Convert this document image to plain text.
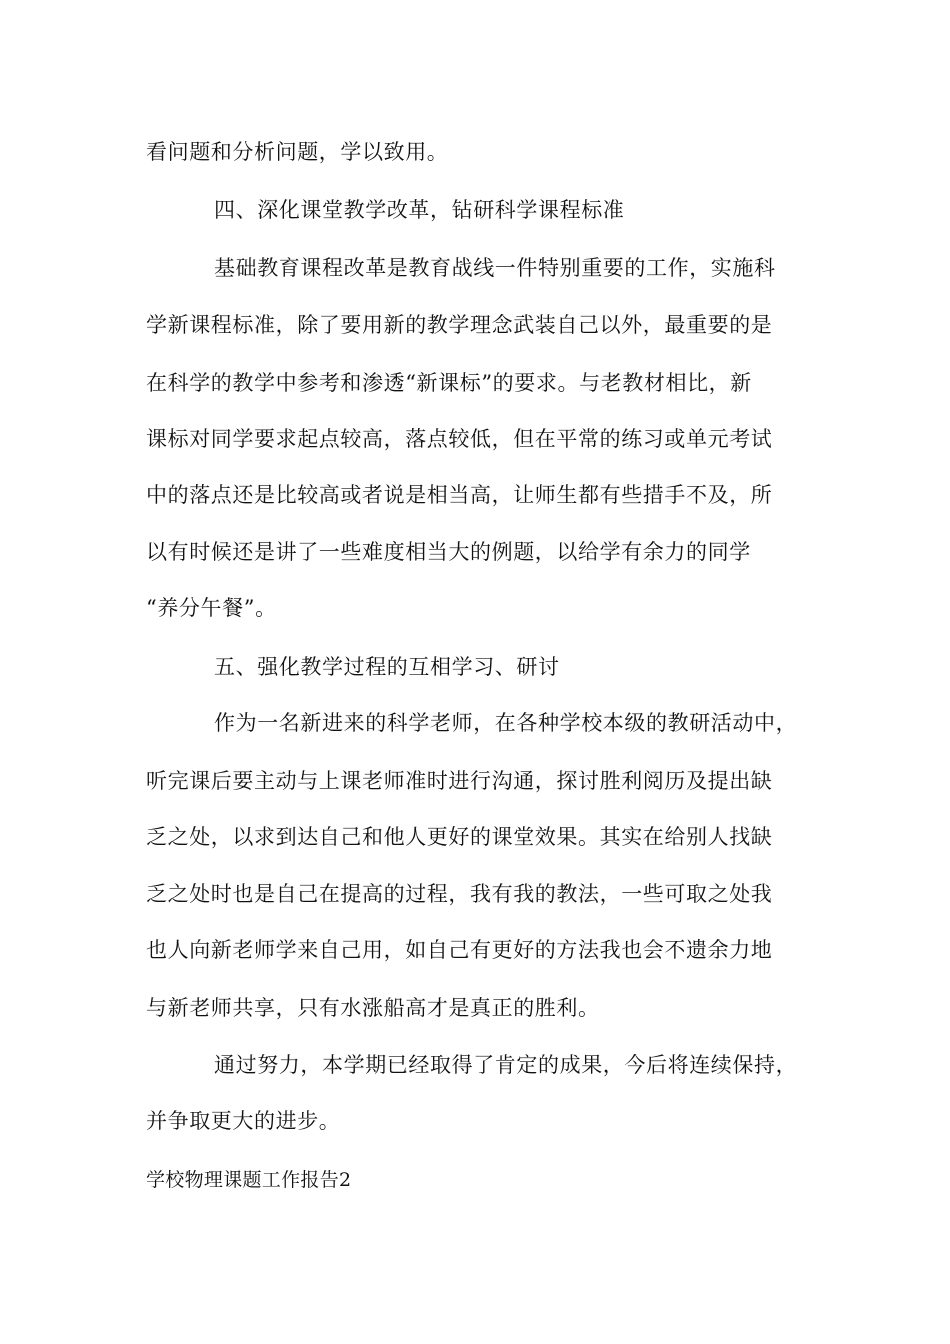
看问题和分析问题，学以致用。
四、深化课堂教学改革，钻研科学课程标准
基础教育课程改革是教育战线一件特别重要的工作，实施科
学新课程标准，除了要用新的教学理念武装自己以外，最重要的是
在科学的教学中参考和渗透“新课标”的要求。与老教材相比，新
课标对同学要求起点较高，落点较低，但在平常的练习或单元考试
中的落点还是比较高或者说是相当高，让师生都有些措手不及，所
以有时候还是讲了一些难度相当大的例题，以给学有余力的同学
“养分午餐”。
五、强化教学过程的互相学习、研讨
作为一名新进来的科学老师，在各种学校本级的教研活动中，
听完课后要主动与上课老师准时进行沟通，探讨胜利阅历及提出缺
乏之处，以求到达自己和他人更好的课堂效果。其实在给别人找缺
乏之处时也是自己在提高的过程，我有我的教法，一些可取之处我
也人向新老师学来自己用，如自己有更好的方法我也会不遗余力地
与新老师共享，只有水涨船高才是真正的胜利。
通过努力，本学期已经取得了肯定的成果，今后将连续保持，
并争取更大的进步。
学校物理课题工作报告2
